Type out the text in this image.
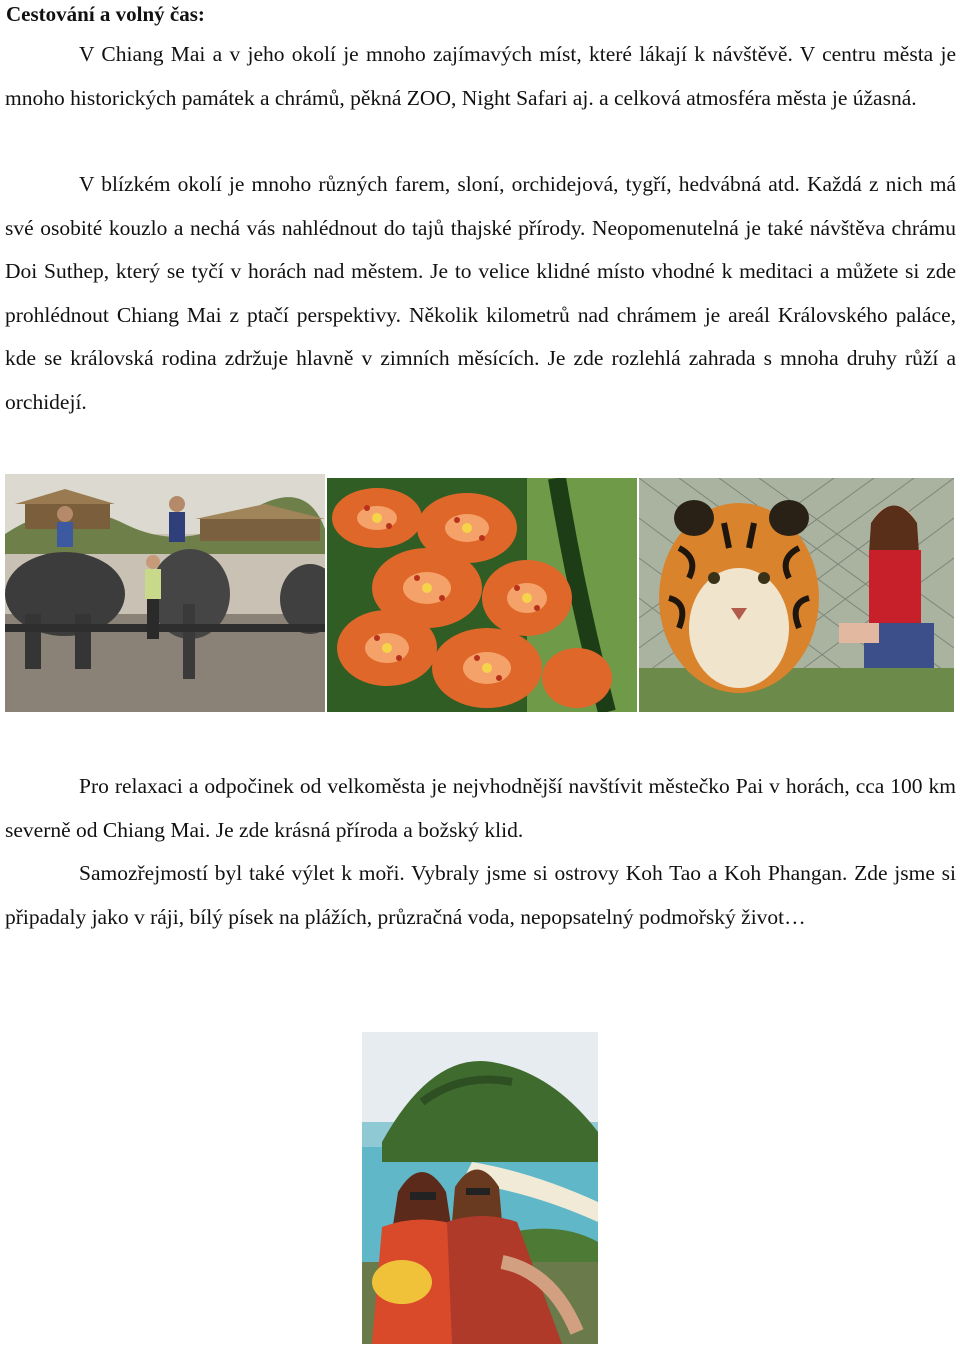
Cestování a volný čas:

V Chiang Mai a v jeho okolí je mnoho zajímavých míst, které lákají k návštěvě. V centru města je mnoho historických památek a chrámů, pěkná ZOO, Night Safari aj. a celková atmosféra města je úžasná.

V blízkém okolí je mnoho různých farem, sloní, orchidejová, tygří, hedvábná atd. Každá z nich má své osobité kouzlo a nechá vás nahlédnout do tajů thajské přírody. Neopomenutelná je také návštěva chrámu Doi Suthep, který se tyčí v horách nad městem. Je to velice klidné místo vhodné k meditaci a můžete si zde prohlédnout Chiang Mai z ptačí perspektivy. Několik kilometrů nad chrámem je areál Královského paláce, kde se královská rodina zdržuje hlavně v zimních měsících. Je zde rozlehlá zahrada s mnoha druhy růží a orchidejí.

Pro relaxaci a odpočinek od velkoměsta je nejvhodnější navštívit městečko Pai v horách, cca 100 km severně od Chiang Mai. Je zde krásná příroda a božský klid.

Samozřejmostí byl také výlet k moři. Vybraly jsme si ostrovy Koh Tao a Koh Phangan. Zde jsme si připadaly jako v ráji, bílý písek na plážích, průzračná voda, nepopsatelný podmořský život…
